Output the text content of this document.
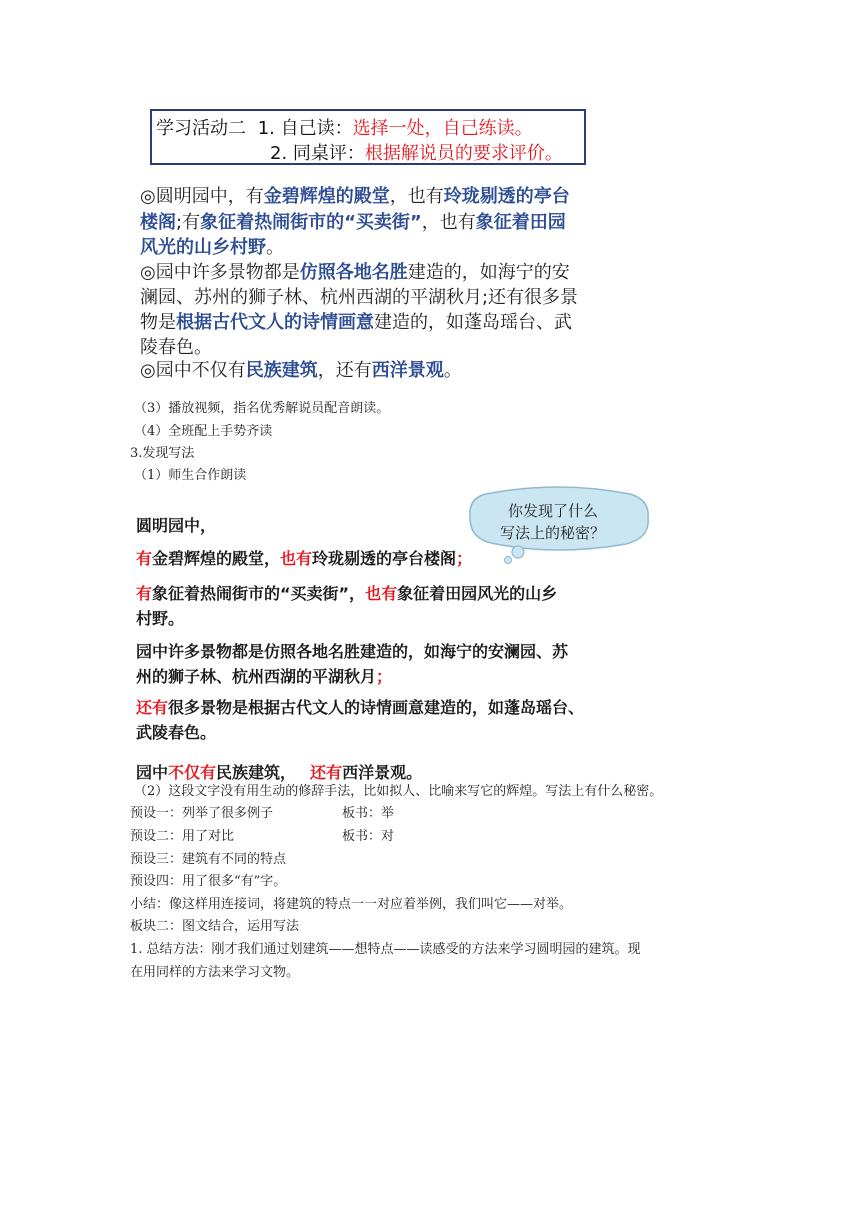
学习活动二 1. 自己读：选择一处，自己练读。
2. 同桌评：根据解说员的要求评价。
◎圆明园中，有金碧辉煌的殿堂，也有玲珑剔透的亭台
楼阁;有象征着热闹街市的“买卖街”，也有象征着田园
风光的山乡村野。
◎园中许多景物都是仿照各地名胜建造的，如海宁的安
澜园、苏州的狮子林、杭州西湖的平湖秋月;还有很多景
物是根据古代文人的诗情画意建造的，如蓬岛瑶台、武
陵春色。
◎园中不仅有民族建筑，还有西洋景观。
（3）播放视频，指名优秀解说员配音朗读。
（4）全班配上手势齐读
3.发现写法
（1）师生合作朗读
你发现了什么
写法上的秘密？
圆明园中，
有金碧辉煌的殿堂，也有玲珑剔透的亭台楼阁；
有象征着热闹街市的“买卖街”，也有象征着田园风光的山乡
村野。
园中许多景物都是仿照各地名胜建造的，如海宁的安澜园、苏
州的狮子林、杭州西湖的平湖秋月；
还有很多景物是根据古代文人的诗情画意建造的，如蓬岛瑶台、
武陵春色。
园中不仅有民族建筑， 还有西洋景观。
（2）这段文字没有用生动的修辞手法，比如拟人、比喻来写它的辉煌。写法上有什么秘密。
预设一：列举了很多例子	板书：举
预设二：用了对比	板书：对
预设三：建筑有不同的特点
预设四：用了很多“有”字。
小结：像这样用连接词，将建筑的特点一一对应着举例，我们叫它——对举。
板块二：图文结合，运用写法
1. 总结方法：刚才我们通过划建筑——想特点——读感受的方法来学习圆明园的建筑。现
在用同样的方法来学习文物。
